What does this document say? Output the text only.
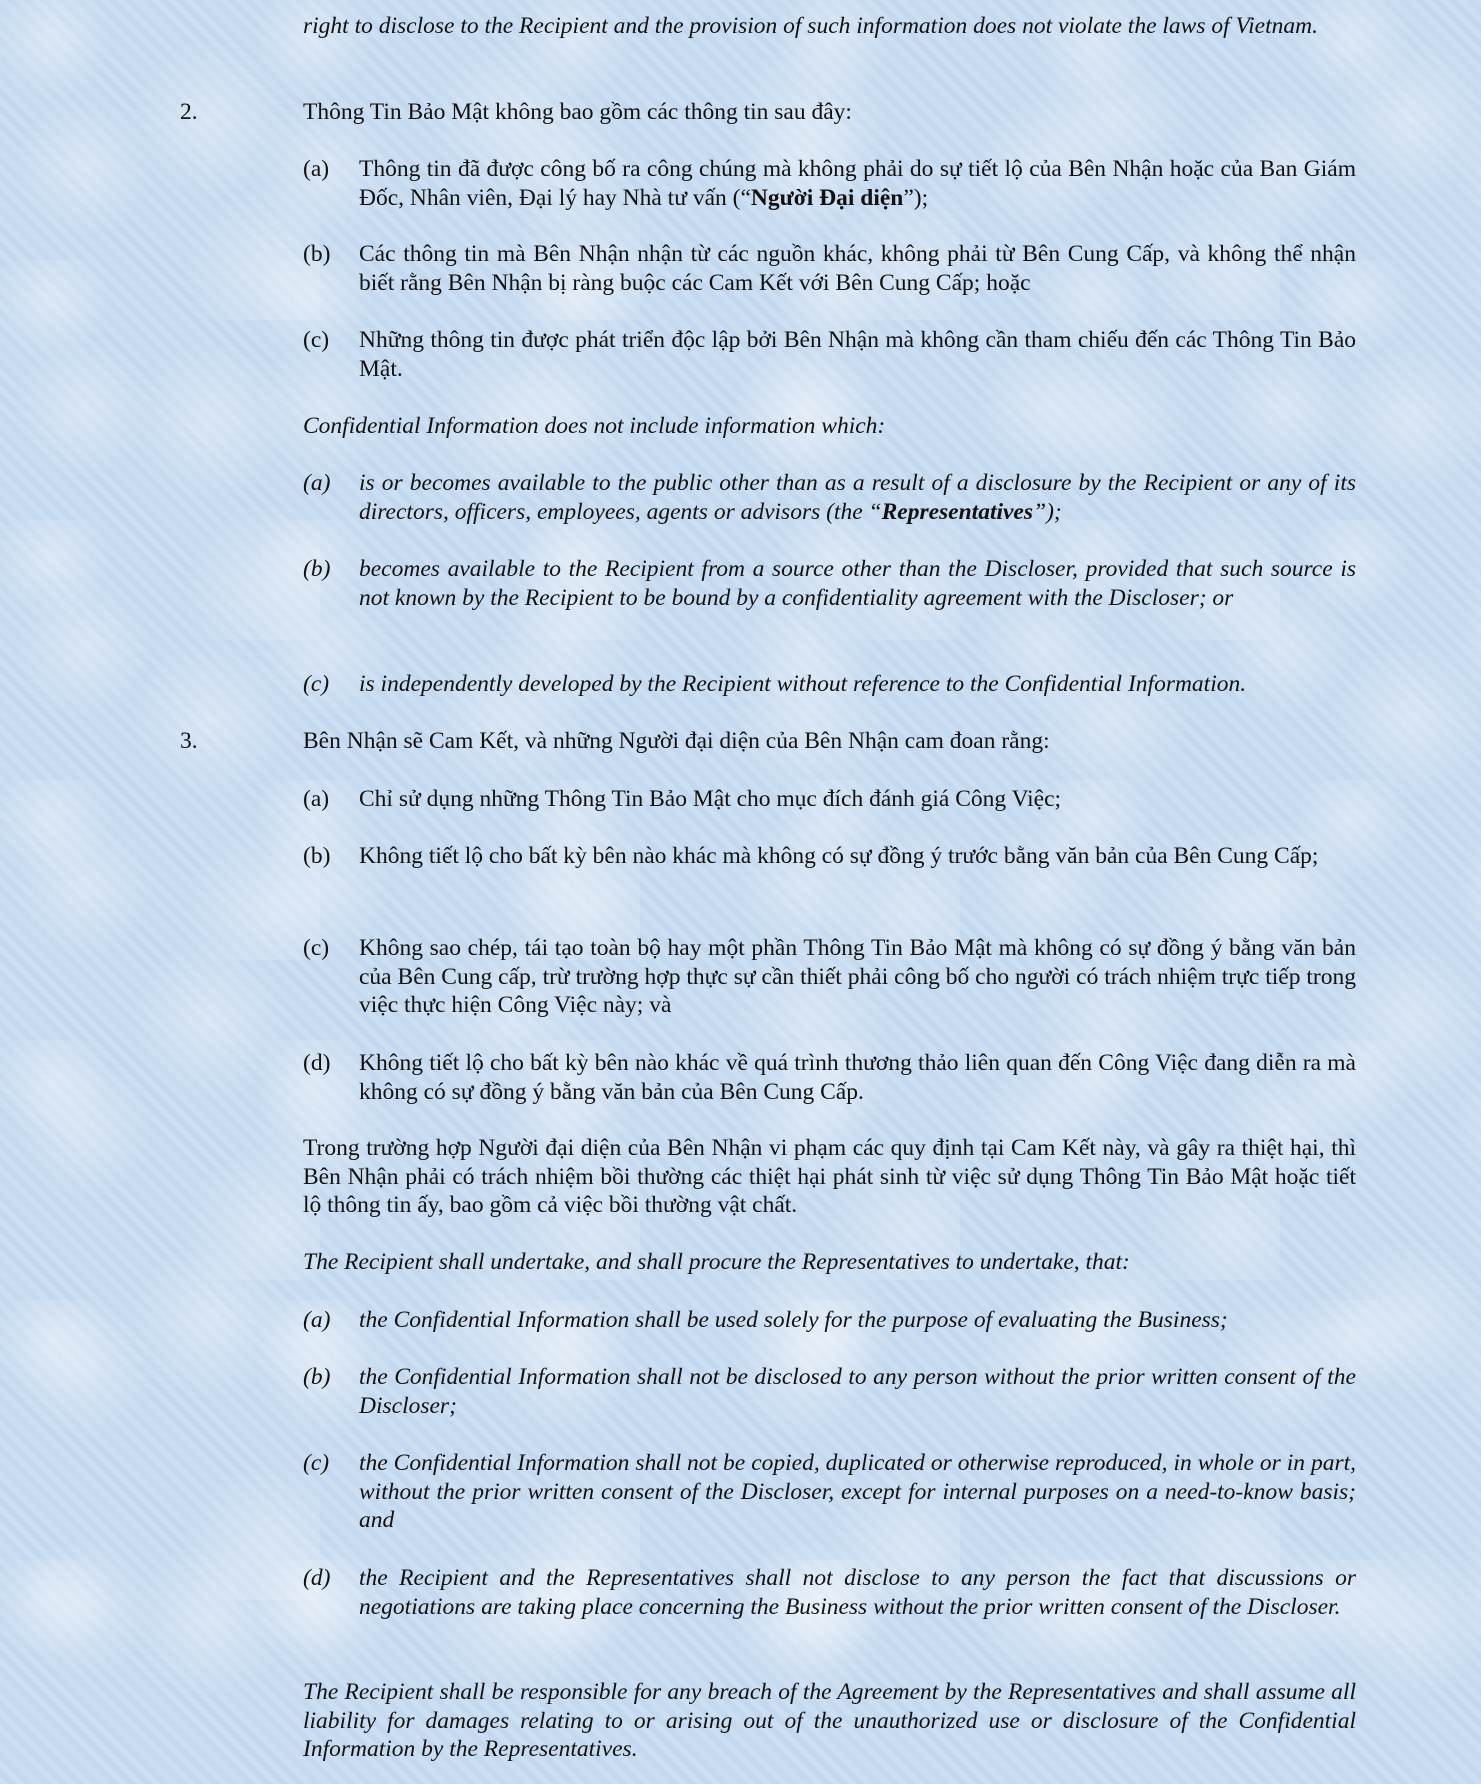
right to disclose to the Recipient and the provision of such information does not violate the laws of Vietnam.
2.	Thông Tin Bảo Mật không bao gồm các thông tin sau đây:
(a) Thông tin đã được công bố ra công chúng mà không phải do sự tiết lộ của Bên Nhận hoặc của Ban Giám Đốc, Nhân viên, Đại lý hay Nhà tư vấn (“Người Đại diện”);
(b) Các thông tin mà Bên Nhận nhận từ các nguồn khác, không phải từ Bên Cung Cấp, và không thể nhận biết rằng Bên Nhận bị ràng buộc các Cam Kết với Bên Cung Cấp; hoặc
(c) Những thông tin được phát triển độc lập bởi Bên Nhận mà không cần tham chiếu đến các Thông Tin Bảo Mật.
Confidential Information does not include information which:
(a) is or becomes available to the public other than as a result of a disclosure by the Recipient or any of its directors, officers, employees, agents or advisors (the “Representatives”);
(b) becomes available to the Recipient from a source other than the Discloser, provided that such source is not known by the Recipient to be bound by a confidentiality agreement with the Discloser; or
(c) is independently developed by the Recipient without reference to the Confidential Information.
3.	Bên Nhận sẽ Cam Kết, và những Người đại diện của Bên Nhận cam đoan rằng:
(a) Chỉ sử dụng những Thông Tin Bảo Mật cho mục đích đánh giá Công Việc;
(b) Không tiết lộ cho bất kỳ bên nào khác mà không có sự đồng ý trước bằng văn bản của Bên Cung Cấp;
(c) Không sao chép, tái tạo toàn bộ hay một phần Thông Tin Bảo Mật mà không có sự đồng ý bằng văn bản của Bên Cung cấp, trừ trường hợp thực sự cần thiết phải công bố cho người có trách nhiệm trực tiếp trong việc thực hiện Công Việc này; và
(d) Không tiết lộ cho bất kỳ bên nào khác về quá trình thương thảo liên quan đến Công Việc đang diễn ra mà không có sự đồng ý bằng văn bản của Bên Cung Cấp.
Trong trường hợp Người đại diện của Bên Nhận vi phạm các quy định tại Cam Kết này, và gây ra thiệt hại, thì Bên Nhận phải có trách nhiệm bồi thường các thiệt hại phát sinh từ việc sử dụng Thông Tin Bảo Mật hoặc tiết lộ thông tin ấy, bao gồm cả việc bồi thường vật chất.
The Recipient shall undertake, and shall procure the Representatives to undertake, that:
(a) the Confidential Information shall be used solely for the purpose of evaluating the Business;
(b) the Confidential Information shall not be disclosed to any person without the prior written consent of the Discloser;
(c) the Confidential Information shall not be copied, duplicated or otherwise reproduced, in whole or in part, without the prior written consent of the Discloser, except for internal purposes on a need-to-know basis; and
(d) the Recipient and the Representatives shall not disclose to any person the fact that discussions or negotiations are taking place concerning the Business without the prior written consent of the Discloser.
The Recipient shall be responsible for any breach of the Agreement by the Representatives and shall assume all liability for damages relating to or arising out of the unauthorized use or disclosure of the Confidential Information by the Representatives.
